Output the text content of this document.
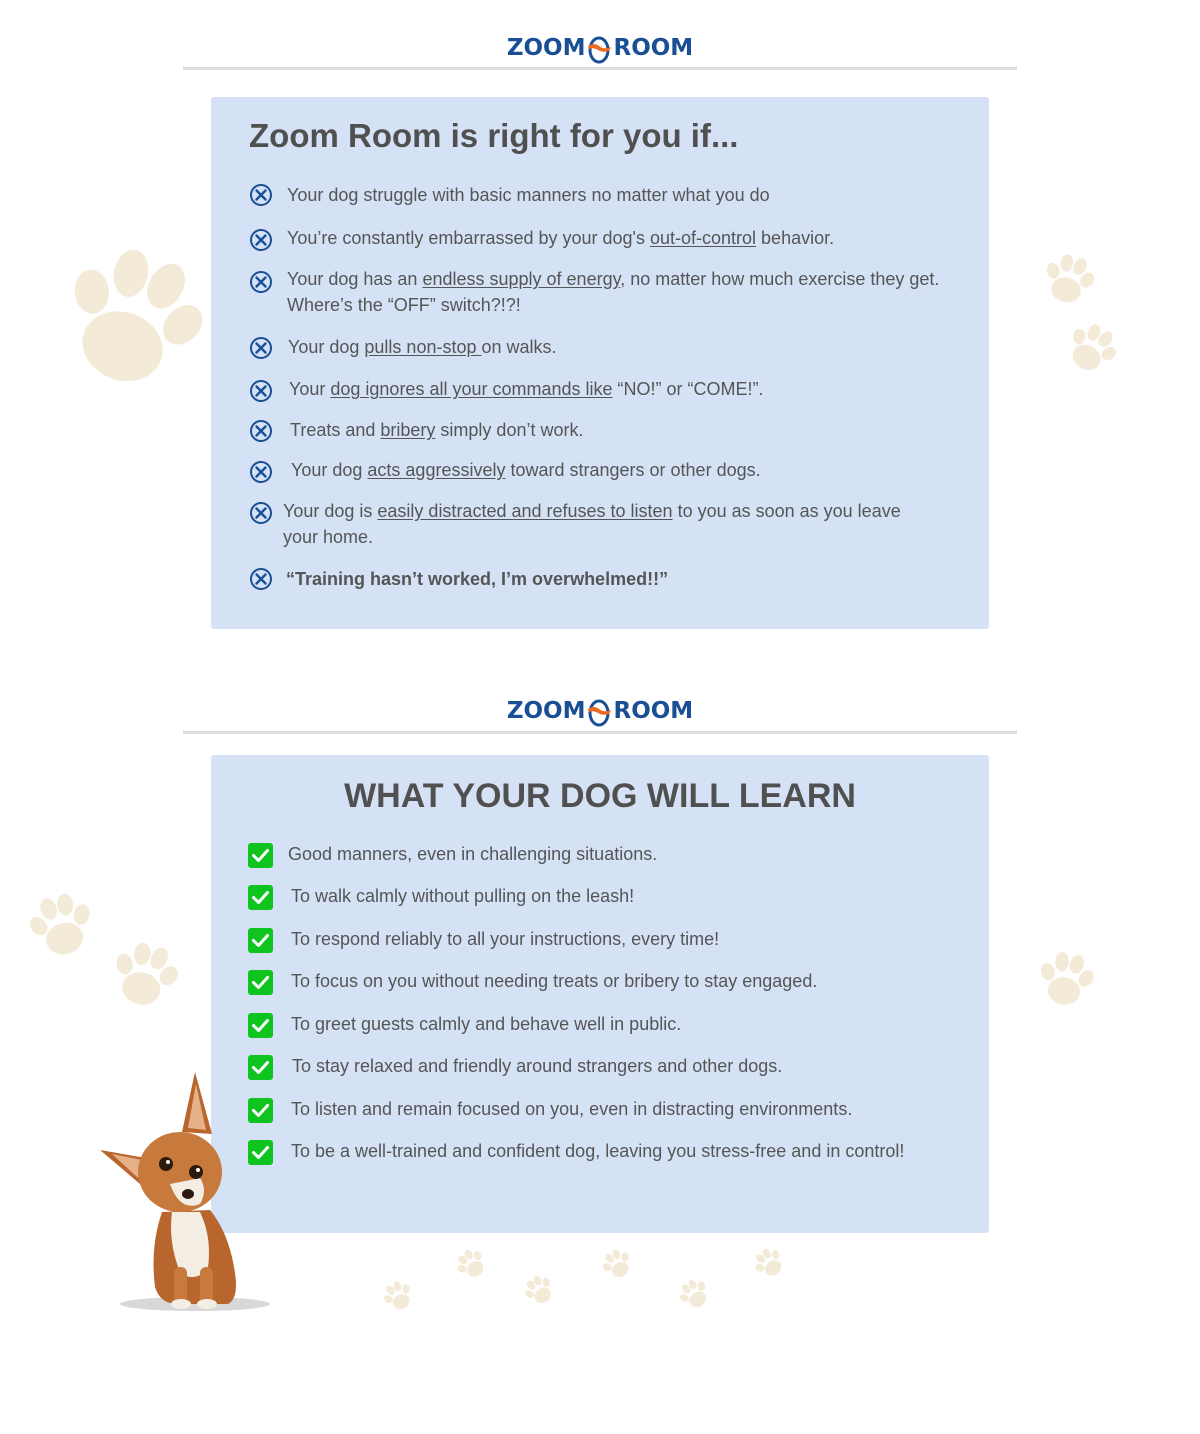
ZOOM ROOM
Zoom Room is right for you if...
Your dog struggle with basic manners no matter what you do
You’re constantly embarrassed by your dog's out-of-control behavior.
Your dog has an endless supply of energy, no matter how much exercise they get.
Where’s the “OFF” switch?!?!
Your dog pulls non-stop on walks.
Your dog ignores all your commands like “NO!” or “COME!”.
Treats and bribery simply don’t work.
Your dog acts aggressively toward strangers or other dogs.
Your dog is easily distracted and refuses to listen to you as soon as you leave
your home.
“Training hasn’t worked, I’m overwhelmed!!”
ZOOM ROOM
WHAT YOUR DOG WILL LEARN
Good manners, even in challenging situations.
To walk calmly without pulling on the leash!
To respond reliably to all your instructions, every time!
To focus on you without needing treats or bribery to stay engaged.
To greet guests calmly and behave well in public.
To stay relaxed and friendly around strangers and other dogs.
To listen and remain focused on you, even in distracting environments.
To be a well-trained and confident dog, leaving you stress-free and in control!
